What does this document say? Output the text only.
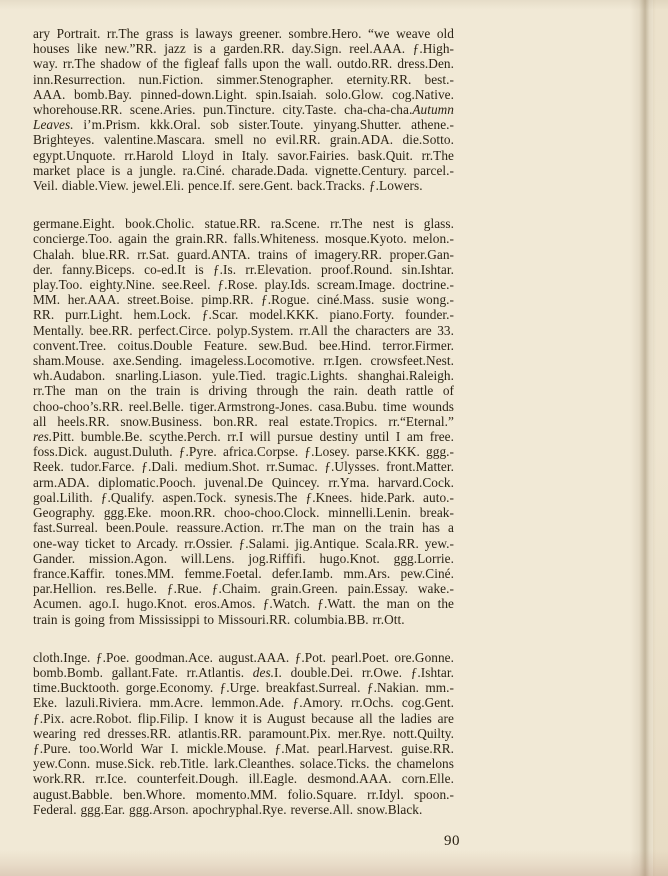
ary Portrait. rr.The grass is laways greener. sombre.Hero. “we weave old
houses like new.”RR. jazz is a garden.RR. day.Sign. reel.AAA. ƒ.High-
way. rr.The shadow of the figleaf falls upon the wall. outdo.RR. dress.Den.
inn.Resurrection. nun.Fiction. simmer.Stenographer. eternity.RR. best.-
AAA. bomb.Bay. pinned-down.Light. spin.Isaiah. solo.Glow. cog.Native.
whorehouse.RR. scene.Aries. pun.Tincture. city.Taste. cha-cha-cha.Autumn
Leaves. i’m.Prism. kkk.Oral. sob sister.Toute. yinyang.Shutter. athene.-
Brighteyes. valentine.Mascara. smell no evil.RR. grain.ADA. die.Sotto.
egypt.Unquote. rr.Harold Lloyd in Italy. savor.Fairies. bask.Quit. rr.The
market place is a jungle. ra.Ciné. charade.Dada. vignette.Century. parcel.-
Veil. diable.View. jewel.Eli. pence.If. sere.Gent. back.Tracks. ƒ.Lowers.
germane.Eight. book.Cholic. statue.RR. ra.Scene. rr.The nest is glass.
concierge.Too. again the grain.RR. falls.Whiteness. mosque.Kyoto. melon.-
Chalah. blue.RR. rr.Sat. guard.ANTA. trains of imagery.RR. proper.Gan-
der. fanny.Biceps. co-ed.It is ƒ.Is. rr.Elevation. proof.Round. sin.Ishtar.
play.Too. eighty.Nine. see.Reel. ƒ.Rose. play.Ids. scream.Image. doctrine.-
MM. her.AAA. street.Boise. pimp.RR. ƒ.Rogue. ciné.Mass. susie wong.-
RR. purr.Light. hem.Lock. ƒ.Scar. model.KKK. piano.Forty. founder.-
Mentally. bee.RR. perfect.Circe. polyp.System. rr.All the characters are 33.
convent.Tree. coitus.Double Feature. sew.Bud. bee.Hind. terror.Firmer.
sham.Mouse. axe.Sending. imageless.Locomotive. rr.Igen. crowsfeet.Nest.
wh.Audabon. snarling.Liason. yule.Tied. tragic.Lights. shanghai.Raleigh.
rr.The man on the train is driving through the rain. death rattle of
choo-choo’s.RR. reel.Belle. tiger.Armstrong-Jones. casa.Bubu. time wounds
all heels.RR. snow.Business. bon.RR. real estate.Tropics. rr.“Eternal.”
res.Pitt. bumble.Be. scythe.Perch. rr.I will pursue destiny until I am free.
foss.Dick. august.Duluth. ƒ.Pyre. africa.Corpse. ƒ.Losey. parse.KKK. ggg.-
Reek. tudor.Farce. ƒ.Dali. medium.Shot. rr.Sumac. ƒ.Ulysses. front.Matter.
arm.ADA. diplomatic.Pooch. juvenal.De Quincey. rr.Yma. harvard.Cock.
goal.Lilith. ƒ.Qualify. aspen.Tock. synesis.The ƒ.Knees. hide.Park. auto.-
Geography. ggg.Eke. moon.RR. choo-choo.Clock. minnelli.Lenin. break-
fast.Surreal. been.Poule. reassure.Action. rr.The man on the train has a
one-way ticket to Arcady. rr.Ossier. ƒ.Salami. jig.Antique. Scala.RR. yew.-
Gander. mission.Agon. will.Lens. jog.Riffifi. hugo.Knot. ggg.Lorrie.
france.Kaffir. tones.MM. femme.Foetal. defer.Iamb. mm.Ars. pew.Ciné.
par.Hellion. res.Belle. ƒ.Rue. ƒ.Chaim. grain.Green. pain.Essay. wake.-
Acumen. ago.I. hugo.Knot. eros.Amos. ƒ.Watch. ƒ.Watt. the man on the
train is going from Mississippi to Missouri.RR. columbia.BB. rr.Ott.
cloth.Inge. ƒ.Poe. goodman.Ace. august.AAA. ƒ.Pot. pearl.Poet. ore.Gonne.
bomb.Bomb. gallant.Fate. rr.Atlantis. des.I. double.Dei. rr.Owe. ƒ.Ishtar.
time.Bucktooth. gorge.Economy. ƒ.Urge. breakfast.Surreal. ƒ.Nakian. mm.-
Eke. lazuli.Riviera. mm.Acre. lemmon.Ade. ƒ.Amory. rr.Ochs. cog.Gent.
ƒ.Pix. acre.Robot. flip.Filip. I know it is August because all the ladies are
wearing red dresses.RR. atlantis.RR. paramount.Pix. mer.Rye. nott.Quilty.
ƒ.Pure. too.World War I. mickle.Mouse. ƒ.Mat. pearl.Harvest. guise.RR.
yew.Conn. muse.Sick. reb.Title. lark.Cleanthes. solace.Ticks. the chamelons
work.RR. rr.Ice. counterfeit.Dough. ill.Eagle. desmond.AAA. corn.Elle.
august.Babble. ben.Whore. momento.MM. folio.Square. rr.Idyl. spoon.-
Federal. ggg.Ear. ggg.Arson. apochryphal.Rye. reverse.All. snow.Black.
90
